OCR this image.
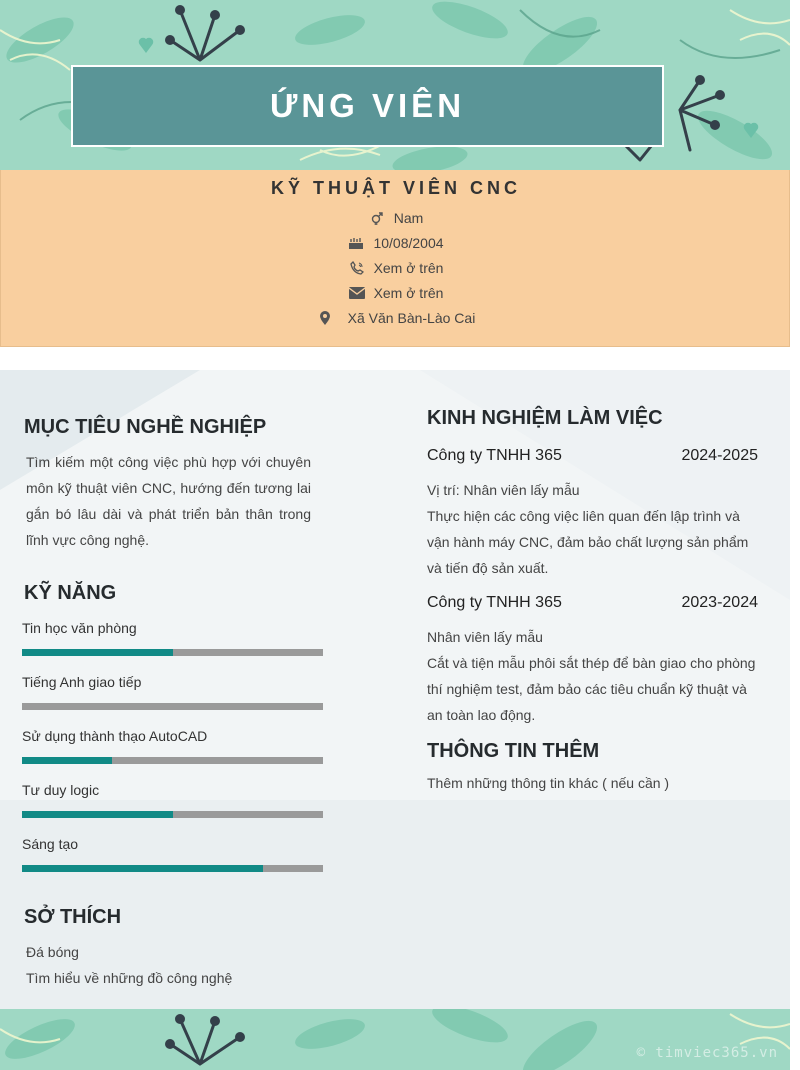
ỨNG VIÊN
KỸ THUẬT VIÊN CNC
Nam
10/08/2004
Xem ở trên
Xem ở trên
Xã Văn Bàn-Lào Cai
MỤC TIÊU NGHỀ NGHIỆP
Tìm kiếm một công việc phù hợp với chuyên môn kỹ thuật viên CNC, hướng đến tương lai gắn bó lâu dài và phát triển bản thân trong lĩnh vực công nghệ.
KỸ NĂNG
Tin học văn phòng
Tiếng Anh giao tiếp
Sử dụng thành thạo AutoCAD
Tư duy logic
Sáng tạo
SỞ THÍCH
Đá bóng
Tìm hiểu về những đồ công nghệ
KINH NGHIỆM LÀM VIỆC
Công ty TNHH 365	2024-2025
Vị trí: Nhân viên lấy mẫu
Thực hiện các công việc liên quan đến lập trình và vận hành máy CNC, đảm bảo chất lượng sản phẩm và tiến độ sản xuất.
Công ty TNHH 365	2023-2024
Nhân viên lấy mẫu
Cắt và tiện mẫu phôi sắt thép để bàn giao cho phòng thí nghiệm test, đảm bảo các tiêu chuẩn kỹ thuật và an toàn lao động.
THÔNG TIN THÊM
Thêm những thông tin khác ( nếu cần )
© timviec365.vn
